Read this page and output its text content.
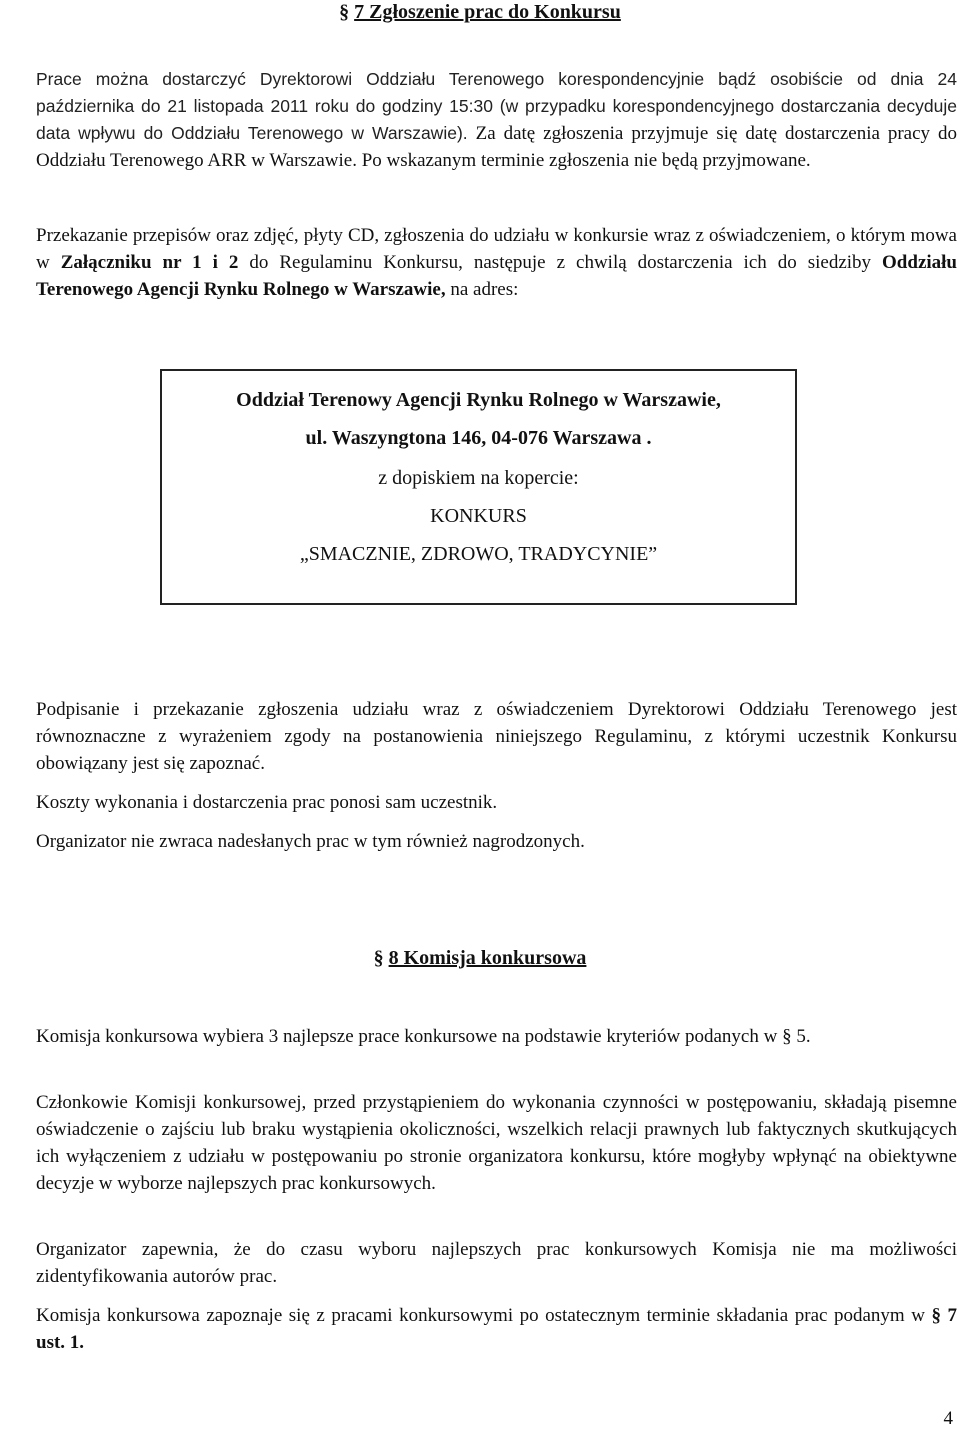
§ 7 Zgłoszenie prac do Konkursu
Prace można dostarczyć Dyrektorowi Oddziału Terenowego korespondencyjnie bądź osobiście od dnia 24 października do 21 listopada 2011 roku do godziny 15:30 (w przypadku korespondencyjnego dostarczania decyduje data wpływu do Oddziału Terenowego w Warszawie). Za datę zgłoszenia przyjmuje się datę dostarczenia pracy do Oddziału Terenowego ARR w Warszawie. Po wskazanym terminie zgłoszenia nie będą przyjmowane.
Przekazanie przepisów oraz zdjęć, płyty CD, zgłoszenia do udziału w konkursie wraz z oświadczeniem, o którym mowa w Załączniku nr 1 i 2 do Regulaminu Konkursu, następuje z chwilą dostarczenia ich do siedziby Oddziału Terenowego Agencji Rynku Rolnego w Warszawie, na adres:
Oddział Terenowy Agencji Rynku Rolnego w Warszawie,
ul. Waszyngtona 146, 04-076 Warszawa .
z dopiskiem na kopercie:
KONKURS
„SMACZNIE, ZDROWO, TRADYCYNIE”
Podpisanie i przekazanie zgłoszenia udziału wraz z oświadczeniem Dyrektorowi Oddziału Terenowego jest równoznaczne z wyrażeniem zgody na postanowienia niniejszego Regulaminu, z którymi uczestnik Konkursu obowiązany jest się zapoznać.
Koszty wykonania i dostarczenia prac ponosi sam uczestnik.
Organizator nie zwraca nadesłanych prac w tym również nagrodzonych.
§ 8 Komisja konkursowa
Komisja konkursowa wybiera 3 najlepsze prace konkursowe na podstawie kryteriów podanych w § 5.
Członkowie Komisji konkursowej, przed przystąpieniem do wykonania czynności w postępowaniu, składają pisemne oświadczenie o zajściu lub braku wystąpienia okoliczności, wszelkich relacji prawnych lub faktycznych skutkujących ich wyłączeniem z udziału w postępowaniu po stronie organizatora konkursu, które mogłyby wpłynąć na obiektywne decyzje w wyborze najlepszych prac konkursowych.
Organizator zapewnia, że do czasu wyboru najlepszych prac konkursowych Komisja nie ma możliwości zidentyfikowania autorów prac.
Komisja konkursowa zapoznaje się z pracami konkursowymi po ostatecznym terminie składania prac podanym w § 7 ust. 1.
4
